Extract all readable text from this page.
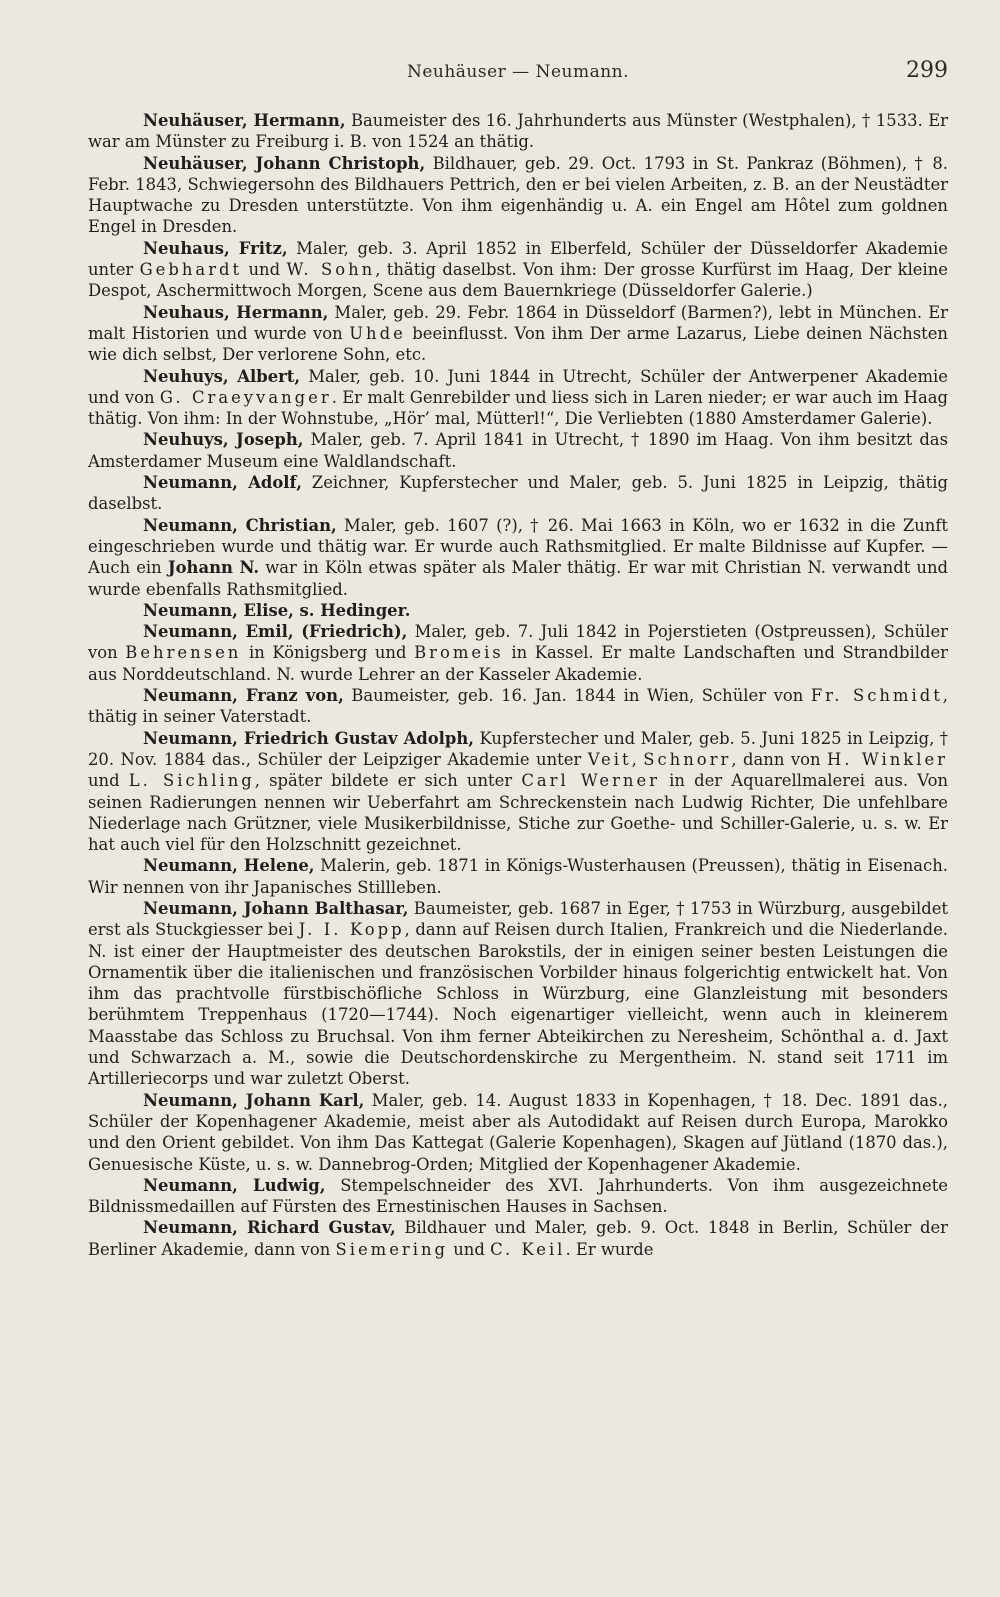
Neuhäuser — Neumann.	299

Neuhäuser, Hermann, Baumeister des 16. Jahrhunderts aus Münster (Westphalen), † 1533. Er war am Münster zu Freiburg i. B. von 1524 an thätig.

Neuhäuser, Johann Christoph, Bildhauer, geb. 29. Oct. 1793 in St. Pankraz (Böhmen), † 8. Febr. 1843, Schwiegersohn des Bildhauers Pettrich, den er bei vielen Arbeiten, z. B. an der Neustädter Hauptwache zu Dresden unterstützte. Von ihm eigenhändig u. A. ein Engel am Hôtel zum goldnen Engel in Dresden.

Neuhaus, Fritz, Maler, geb. 3. April 1852 in Elberfeld, Schüler der Düsseldorfer Akademie unter Gebhardt und W. Sohn, thätig daselbst. Von ihm: Der grosse Kurfürst im Haag, Der kleine Despot, Aschermittwoch Morgen, Scene aus dem Bauernkriege (Düsseldorfer Galerie.)

Neuhaus, Hermann, Maler, geb. 29. Febr. 1864 in Düsseldorf (Barmen?), lebt in München. Er malt Historien und wurde von Uhde beeinflusst. Von ihm Der arme Lazarus, Liebe deinen Nächsten wie dich selbst, Der verlorene Sohn, etc.

Neuhuys, Albert, Maler, geb. 10. Juni 1844 in Utrecht, Schüler der Antwerpener Akademie und von G. Craeyvanger. Er malt Genrebilder und liess sich in Laren nieder; er war auch im Haag thätig. Von ihm: In der Wohnstube, „Hör’ mal, Mütterl!“, Die Verliebten (1880 Amsterdamer Galerie).

Neuhuys, Joseph, Maler, geb. 7. April 1841 in Utrecht, † 1890 im Haag. Von ihm besitzt das Amsterdamer Museum eine Waldlandschaft.

Neumann, Adolf, Zeichner, Kupferstecher und Maler, geb. 5. Juni 1825 in Leipzig, thätig daselbst.

Neumann, Christian, Maler, geb. 1607 (?), † 26. Mai 1663 in Köln, wo er 1632 in die Zunft eingeschrieben wurde und thätig war. Er wurde auch Rathsmitglied. Er malte Bildnisse auf Kupfer. — Auch ein Johann N. war in Köln etwas später als Maler thätig. Er war mit Christian N. verwandt und wurde ebenfalls Rathsmitglied.

Neumann, Elise, s. Hedinger.

Neumann, Emil, (Friedrich), Maler, geb. 7. Juli 1842 in Pojerstieten (Ostpreussen), Schüler von Behrensen in Königsberg und Bromeis in Kassel. Er malte Landschaften und Strandbilder aus Norddeutschland. N. wurde Lehrer an der Kasseler Akademie.

Neumann, Franz von, Baumeister, geb. 16. Jan. 1844 in Wien, Schüler von Fr. Schmidt, thätig in seiner Vaterstadt.

Neumann, Friedrich Gustav Adolph, Kupferstecher und Maler, geb. 5. Juni 1825 in Leipzig, † 20. Nov. 1884 das., Schüler der Leipziger Akademie unter Veit, Schnorr, dann von H. Winkler und L. Sichling, später bildete er sich unter Carl Werner in der Aquarellmalerei aus. Von seinen Radierungen nennen wir Ueberfahrt am Schreckenstein nach Ludwig Richter, Die unfehlbare Niederlage nach Grützner, viele Musikerbildnisse, Stiche zur Goethe- und Schiller-Galerie, u. s. w. Er hat auch viel für den Holzschnitt gezeichnet.

Neumann, Helene, Malerin, geb. 1871 in Königs-Wusterhausen (Preussen), thätig in Eisenach. Wir nennen von ihr Japanisches Stillleben.

Neumann, Johann Balthasar, Baumeister, geb. 1687 in Eger, † 1753 in Würzburg, ausgebildet erst als Stuckgiesser bei J. I. Kopp, dann auf Reisen durch Italien, Frankreich und die Niederlande. N. ist einer der Hauptmeister des deutschen Barokstils, der in einigen seiner besten Leistungen die Ornamentik über die italienischen und französischen Vorbilder hinaus folgerichtig entwickelt hat. Von ihm das prachtvolle fürstbischöfliche Schloss in Würzburg, eine Glanzleistung mit besonders berühmtem Treppenhaus (1720—1744). Noch eigenartiger vielleicht, wenn auch in kleinerem Maasstabe das Schloss zu Bruchsal. Von ihm ferner Abteikirchen zu Neresheim, Schönthal a. d. Jaxt und Schwarzach a. M., sowie die Deutschordenskirche zu Mergentheim. N. stand seit 1711 im Artilleriecorps und war zuletzt Oberst.

Neumann, Johann Karl, Maler, geb. 14. August 1833 in Kopenhagen, † 18. Dec. 1891 das., Schüler der Kopenhagener Akademie, meist aber als Autodidakt auf Reisen durch Europa, Marokko und den Orient gebildet. Von ihm Das Kattegat (Galerie Kopenhagen), Skagen auf Jütland (1870 das.), Genuesische Küste, u. s. w. Dannebrog-Orden; Mitglied der Kopenhagener Akademie.

Neumann, Ludwig, Stempelschneider des XVI. Jahrhunderts. Von ihm ausgezeichnete Bildnissmedaillen auf Fürsten des Ernestinischen Hauses in Sachsen.

Neumann, Richard Gustav, Bildhauer und Maler, geb. 9. Oct. 1848 in Berlin, Schüler der Berliner Akademie, dann von Siemering und C. Keil. Er wurde
